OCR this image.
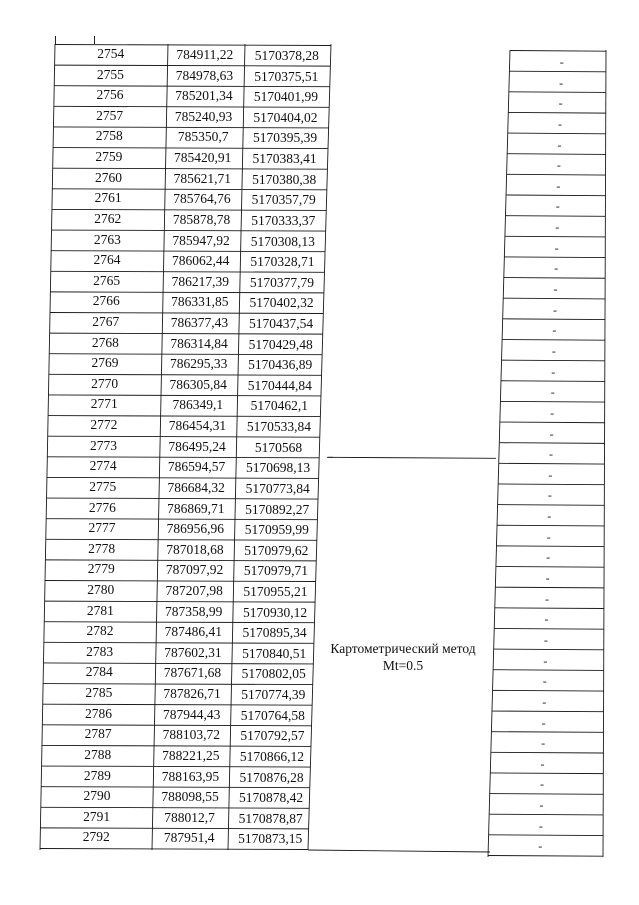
2754	784911,22	5170378,28	-
2755	784978,63	5170375,51	-
2756	785201,34	5170401,99	-
2757	785240,93	5170404,02	-
2758	785350,7	5170395,39	-
2759	785420,91	5170383,41	-
2760	785621,71	5170380,38	-
2761	785764,76	5170357,79	-
2762	785878,78	5170333,37	-
2763	785947,92	5170308,13	-
2764	786062,44	5170328,71	-
2765	786217,39	5170377,79	-
2766	786331,85	5170402,32	-
2767	786377,43	5170437,54	-
2768	786314,84	5170429,48	-
2769	786295,33	5170436,89	-
2770	786305,84	5170444,84	-
2771	786349,1	5170462,1	-
2772	786454,31	5170533,84	-
2773	786495,24	5170568	-
2774	786594,57	5170698,13	-
2775	786684,32	5170773,84	-
2776	786869,71	5170892,27	-
2777	786956,96	5170959,99	-
2778	787018,68	5170979,62	-
2779	787097,92	5170979,71	-
2780	787207,98	5170955,21	-
2781	787358,99	5170930,12	-
2782	787486,41	5170895,34	-
2783	787602,31	5170840,51	-
2784	787671,68	5170802,05	-
2785	787826,71	5170774,39	-
2786	787944,43	5170764,58	-
2787	788103,72	5170792,57	-
2788	788221,25	5170866,12	-
2789	788163,95	5170876,28	-
2790	788098,55	5170878,42	-
2791	788012,7	5170878,87	-
2792	787951,4	5170873,15	-
Картометрический метод
Mt=0.5
